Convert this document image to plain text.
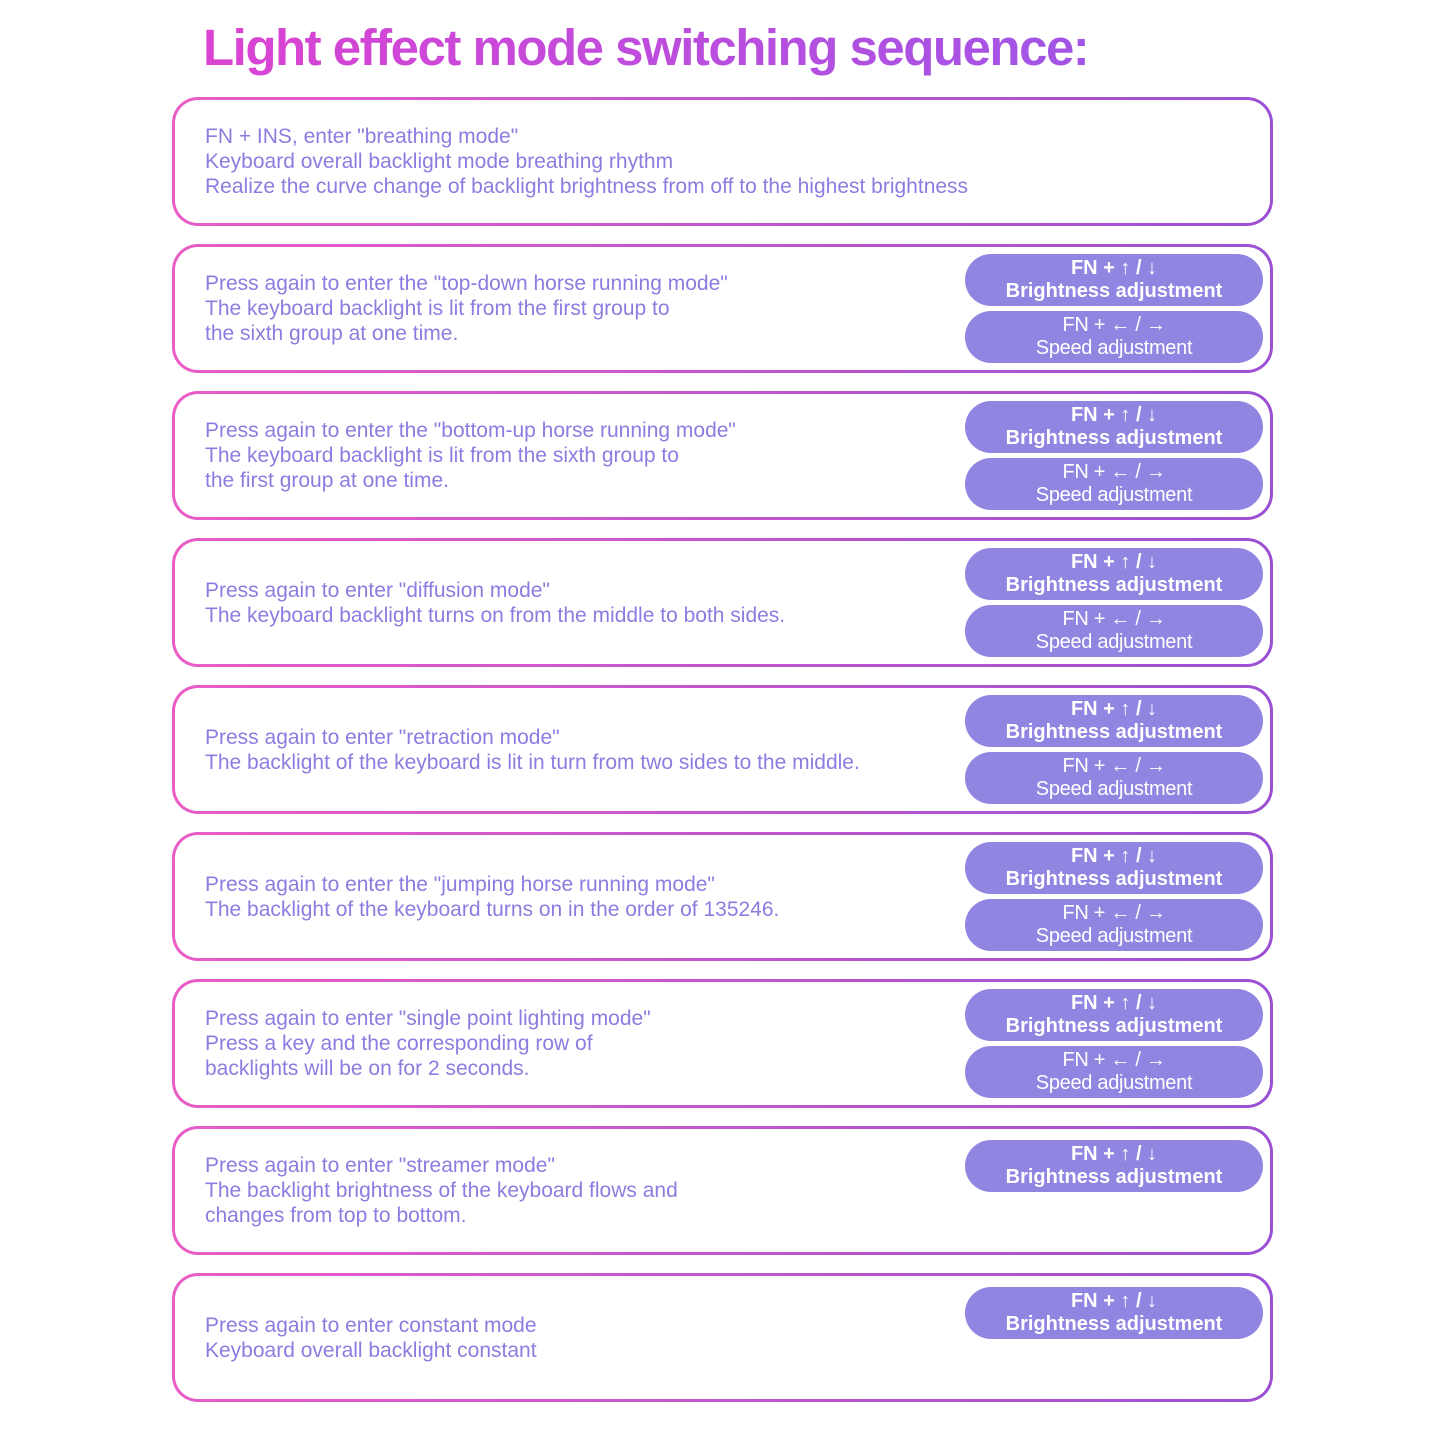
Light effect mode switching sequence:
FN + INS, enter "breathing mode"
Keyboard overall backlight mode breathing rhythm
Realize the curve change of backlight brightness from off to the highest brightness
Press again to enter the "top-down horse running mode"
The keyboard backlight is lit from the first group to
the sixth group at one time.
FN + ↑ / ↓
Brightness adjustment
FN + ← / →
Speed adjustment
Press again to enter the "bottom-up horse running mode"
The keyboard backlight is lit from the sixth group to
the first group at one time.
FN + ↑ / ↓
Brightness adjustment
FN + ← / →
Speed adjustment
Press again to enter "diffusion mode"
The keyboard backlight turns on from the middle to both sides.
FN + ↑ / ↓
Brightness adjustment
FN + ← / →
Speed adjustment
Press again to enter "retraction mode"
The backlight of the keyboard is lit in turn from two sides to the middle.
FN + ↑ / ↓
Brightness adjustment
FN + ← / →
Speed adjustment
Press again to enter the "jumping horse running mode"
The backlight of the keyboard turns on in the order of 135246.
FN + ↑ / ↓
Brightness adjustment
FN + ← / →
Speed adjustment
Press again to enter "single point lighting mode"
Press a key and the corresponding row of
backlights will be on for 2 seconds.
FN + ↑ / ↓
Brightness adjustment
FN + ← / →
Speed adjustment
Press again to enter "streamer mode"
The backlight brightness of the keyboard flows and
changes from top to bottom.
FN + ↑ / ↓
Brightness adjustment
Press again to enter constant mode
Keyboard overall backlight constant
FN + ↑ / ↓
Brightness adjustment
